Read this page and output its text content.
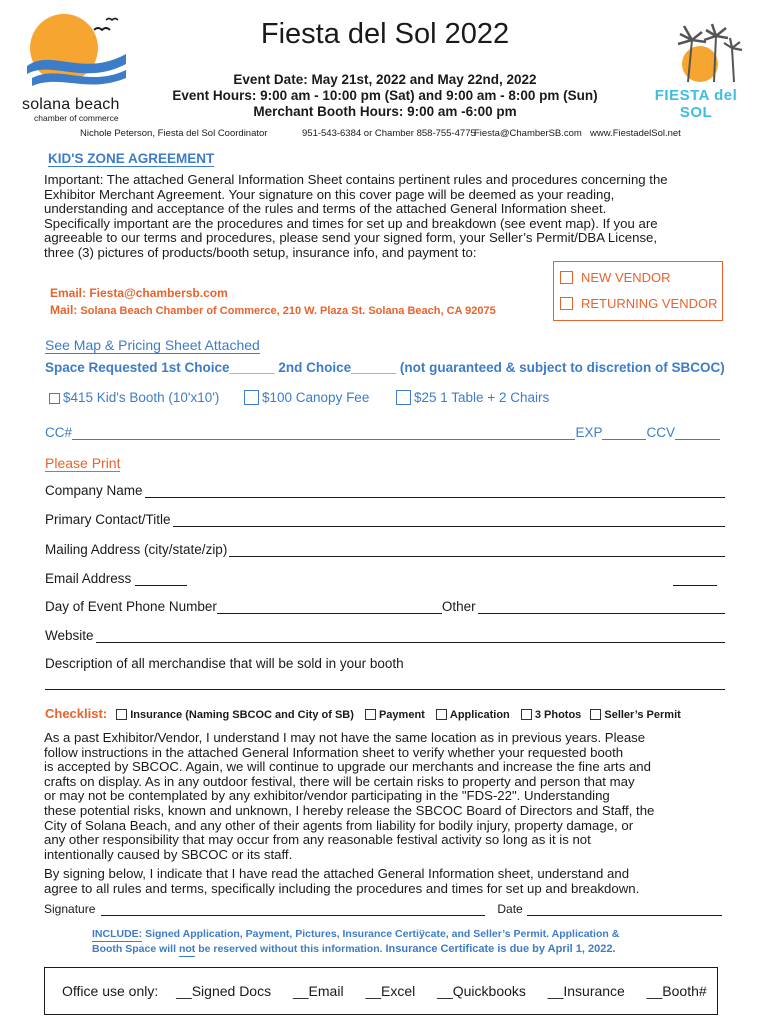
solana beach
chamber of commerce
FIESTA del SOL
Fiesta del Sol 2022
Event Date: May 21st, 2022 and May 22nd, 2022
Event Hours: 9:00 am - 10:00 pm (Sat) and 9:00 am - 8:00 pm (Sun)
Merchant Booth Hours: 9:00 am -6:00 pm
Nichole Peterson, Fiesta del Sol Coordinator	951-543-6384 or Chamber 858-755-4775
Fiesta@ChamberSB.com www.FiestadelSol.net
KID'S ZONE AGREEMENT
Important: The attached General Information Sheet contains pertinent rules and procedures concerning the
Exhibitor Merchant Agreement. Your signature on this cover page will be deemed as your reading,
understanding and acceptance of the rules and terms of the attached General Information sheet.
Specifically important are the procedures and times for set up and breakdown (see event map). If you are
agreeable to our terms and procedures, please send your signed form, your Seller’s Permit/DBA License,
three (3) pictures of products/booth setup, insurance info, and payment to:
Email: Fiesta@chambersb.com
Mail: Solana Beach Chamber of Commerce, 210 W. Plaza St. Solana Beach, CA 92075
NEW VENDOR
RETURNING VENDOR
See Map & Pricing Sheet Attached
Space Requested 1st Choice______ 2nd Choice______ (not guaranteed & subject to discretion of SBCOC)
$415 Kid's Booth (10'x10')	$100 Canopy Fee	$25 1 Table + 2 Chairs
CC#	EXP	CCV
Please Print
Company Name
Primary Contact/Title
Mailing Address (city/state/zip)
Email Address
Day of Event Phone Number	Other
Website
Description of all merchandise that will be sold in your booth
Checklist: Insurance (Naming SBCOC and City of SB) Payment Application 3 Photos Seller’s Permit
As a past Exhibitor/Vendor, I understand I may not have the same location as in previous years. Please
follow instructions in the attached General Information sheet to verify whether your requested booth
is accepted by SBCOC. Again, we will continue to upgrade our merchants and increase the fine arts and
crafts on display. As in any outdoor festival, there will be certain risks to property and person that may
or may not be contemplated by any exhibitor/vendor participating in the "FDS-22". Understanding
these potential risks, known and unknown, I hereby release the SBCOC Board of Directors and Staff, the
City of Solana Beach, and any other of their agents from liability for bodily injury, property damage, or
any other responsibility that may occur from any reasonable festival activity so long as it is not
intentionally caused by SBCOC or its staff.
By signing below, I indicate that I have read the attached General Information sheet, understand and
agree to all rules and terms, specifically including the procedures and times for set up and breakdown.
Signature	Date
INCLUDE: Signed Application, Payment, Pictures, Insurance Certiÿcate, and Seller’s Permit. Application &
Booth Space will not be reserved without this information. Insurance Certificate is due by April 1, 2022.
Office use only: __Signed Docs __Email __Excel __Quickbooks __Insurance __Booth#
